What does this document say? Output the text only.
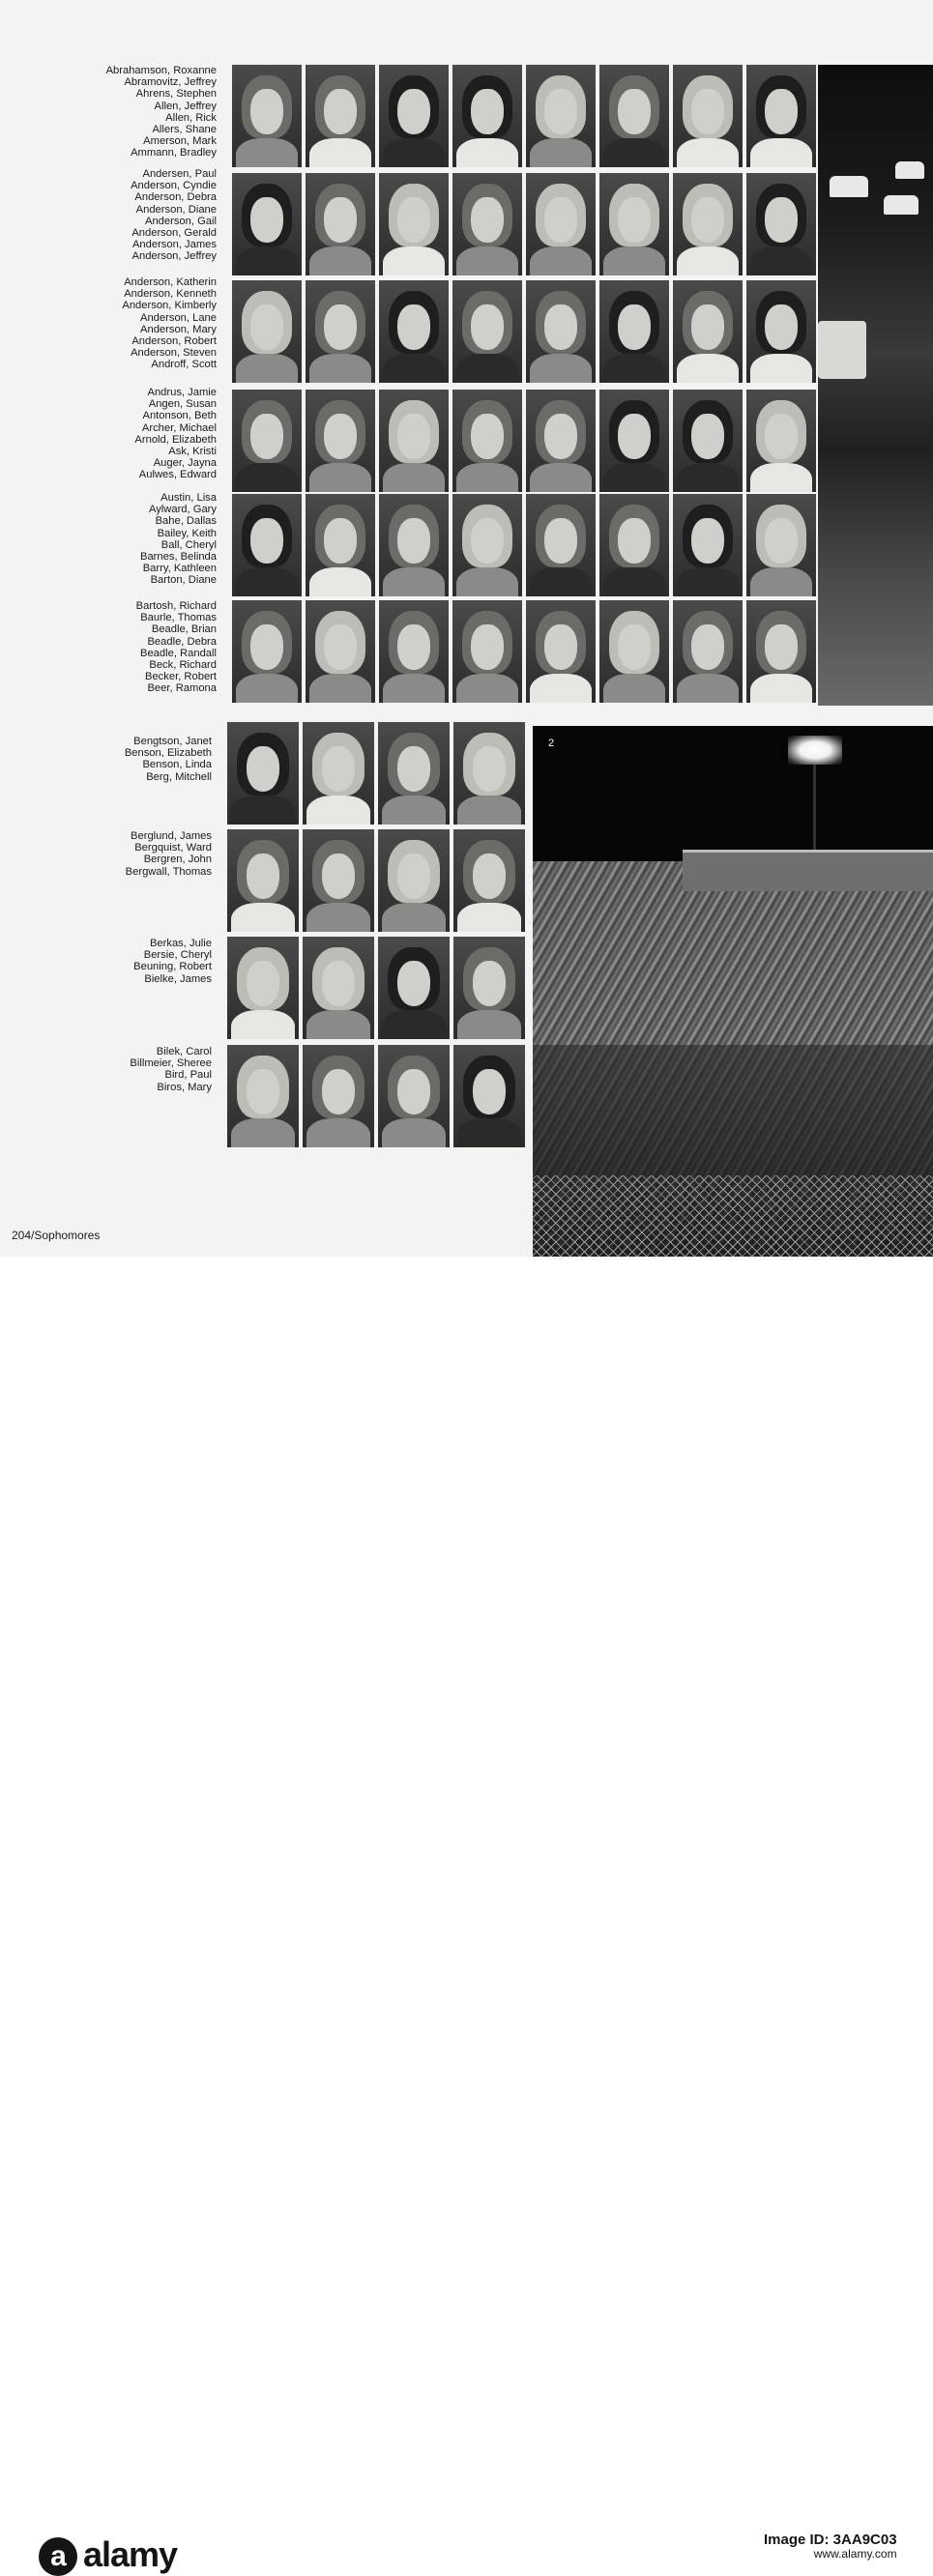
Abrahamson, Roxanne
Abramovitz, Jeffrey
Ahrens, Stephen
Allen, Jeffrey
Allen, Rick
Allers, Shane
Amerson, Mark
Ammann, Bradley
Andersen, Paul
Anderson, Cyndie
Anderson, Debra
Anderson, Diane
Anderson, Gail
Anderson, Gerald
Anderson, James
Anderson, Jeffrey
Anderson, Katherin
Anderson, Kenneth
Anderson, Kimberly
Anderson, Lane
Anderson, Mary
Anderson, Robert
Anderson, Steven
Androff, Scott
Andrus, Jamie
Angen, Susan
Antonson, Beth
Archer, Michael
Arnold, Elizabeth
Ask, Kristi
Auger, Jayna
Aulwes, Edward
Austin, Lisa
Aylward, Gary
Bahe, Dallas
Bailey, Keith
Ball, Cheryl
Barnes, Belinda
Barry, Kathleen
Barton, Diane
Bartosh, Richard
Baurle, Thomas
Beadle, Brian
Beadle, Debra
Beadle, Randall
Beck, Richard
Becker, Robert
Beer, Ramona
Bengtson, Janet
Benson, Elizabeth
Benson, Linda
Berg, Mitchell
Berglund, James
Bergquist, Ward
Bergren, John
Bergwall, Thomas
Berkas, Julie
Bersie, Cheryl
Beuning, Robert
Bielke, James
Bilek, Carol
Billmeier, Sheree
Bird, Paul
Biros, Mary
2
204/Sophomores
a alamy	Image ID: 3AA9C03
www.alamy.com
